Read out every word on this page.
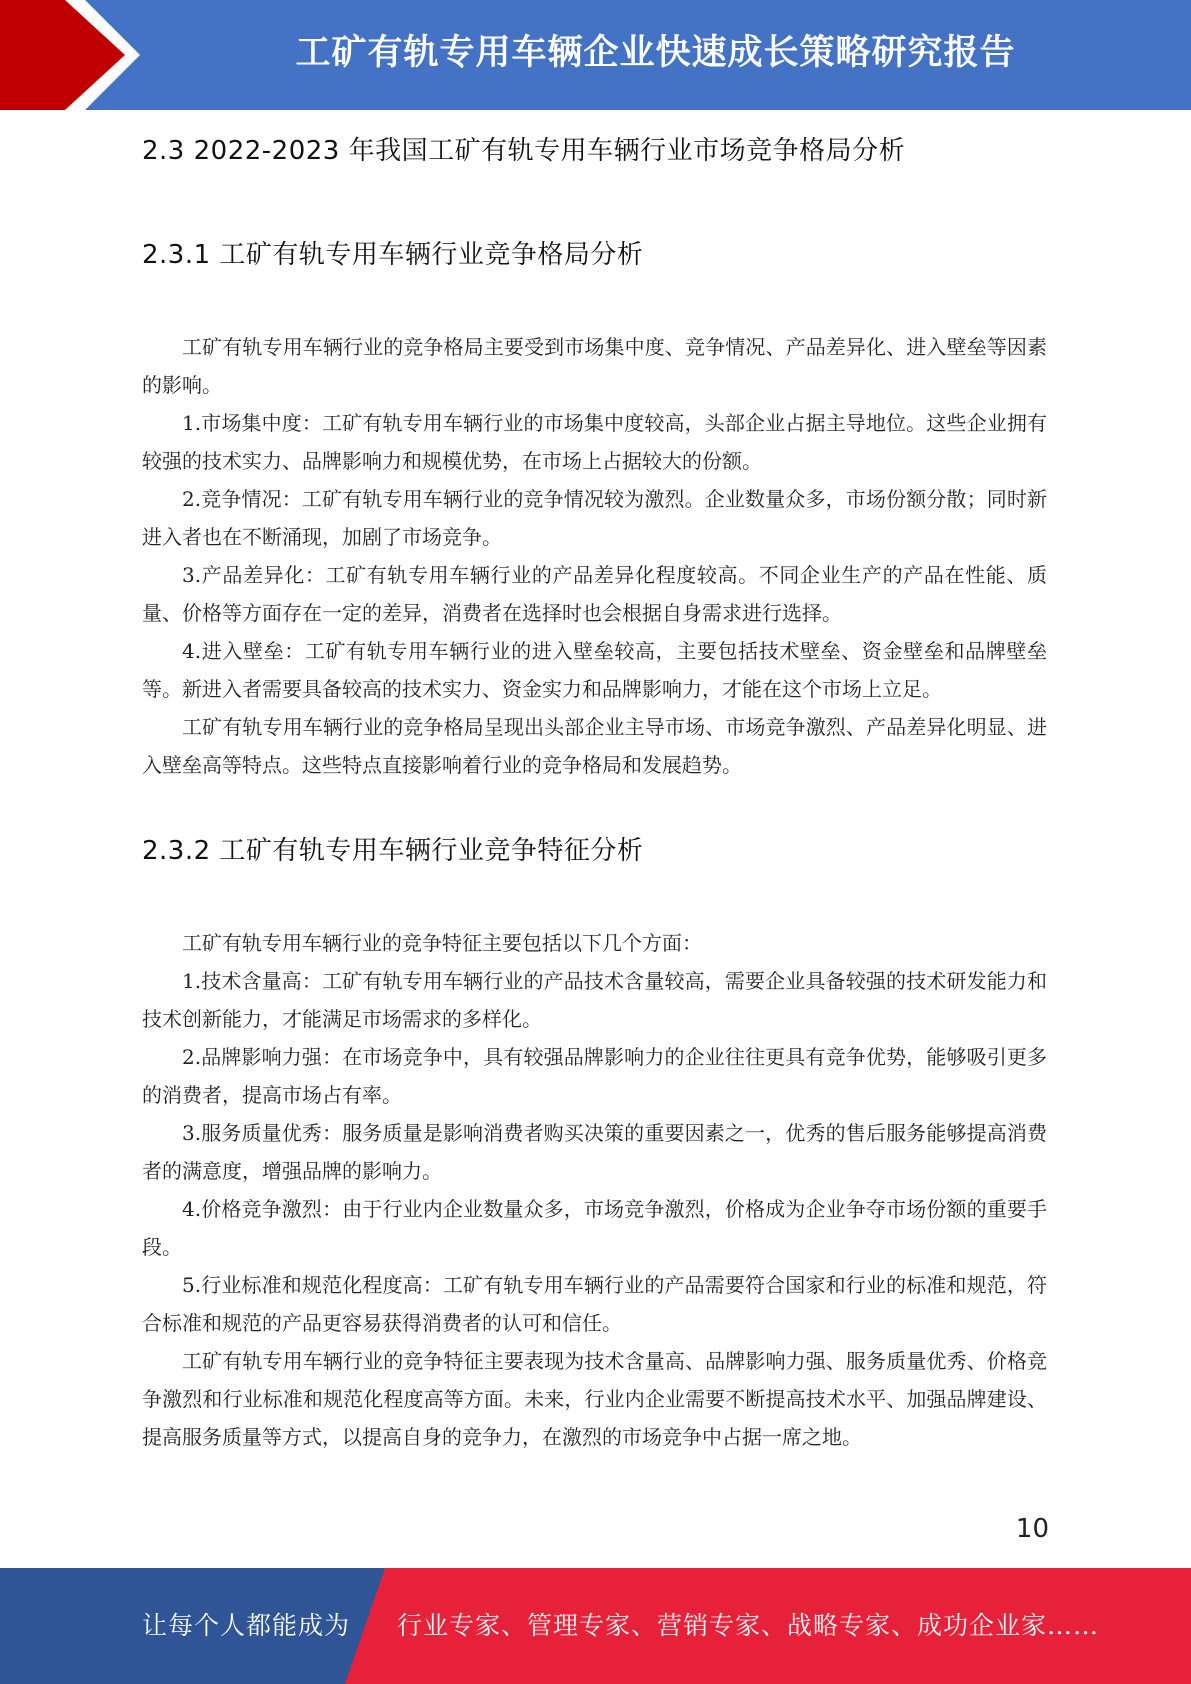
工矿有轨专用车辆企业快速成长策略研究报告
2.3 2022-2023 年我国工矿有轨专用车辆行业市场竞争格局分析
2.3.1 工矿有轨专用车辆行业竞争格局分析

工矿有轨专用车辆行业的竞争格局主要受到市场集中度、竞争情况、产品差异化、进入壁垒等因素的影响。

1.市场集中度：工矿有轨专用车辆行业的市场集中度较高，头部企业占据主导地位。这些企业拥有较强的技术实力、品牌影响力和规模优势，在市场上占据较大的份额。

2.竞争情况：工矿有轨专用车辆行业的竞争情况较为激烈。企业数量众多，市场份额分散；同时新进入者也在不断涌现，加剧了市场竞争。

3.产品差异化：工矿有轨专用车辆行业的产品差异化程度较高。不同企业生产的产品在性能、质量、价格等方面存在一定的差异，消费者在选择时也会根据自身需求进行选择。

4.进入壁垒：工矿有轨专用车辆行业的进入壁垒较高，主要包括技术壁垒、资金壁垒和品牌壁垒等。新进入者需要具备较高的技术实力、资金实力和品牌影响力，才能在这个市场上立足。

工矿有轨专用车辆行业的竞争格局呈现出头部企业主导市场、市场竞争激烈、产品差异化明显、进入壁垒高等特点。这些特点直接影响着行业的竞争格局和发展趋势。

2.3.2 工矿有轨专用车辆行业竞争特征分析

工矿有轨专用车辆行业的竞争特征主要包括以下几个方面：

1.技术含量高：工矿有轨专用车辆行业的产品技术含量较高，需要企业具备较强的技术研发能力和技术创新能力，才能满足市场需求的多样化。

2.品牌影响力强：在市场竞争中，具有较强品牌影响力的企业往往更具有竞争优势，能够吸引更多的消费者，提高市场占有率。

3.服务质量优秀：服务质量是影响消费者购买决策的重要因素之一，优秀的售后服务能够提高消费者的满意度，增强品牌的影响力。

4.价格竞争激烈：由于行业内企业数量众多，市场竞争激烈，价格成为企业争夺市场份额的重要手段。

5.行业标准和规范化程度高：工矿有轨专用车辆行业的产品需要符合国家和行业的标准和规范，符合标准和规范的产品更容易获得消费者的认可和信任。

工矿有轨专用车辆行业的竞争特征主要表现为技术含量高、品牌影响力强、服务质量优秀、价格竞争激烈和行业标准和规范化程度高等方面。未来，行业内企业需要不断提高技术水平、加强品牌建设、提高服务质量等方式，以提高自身的竞争力，在激烈的市场竞争中占据一席之地。

10
让每个人都能成为 行业专家、管理专家、营销专家、战略专家、成功企业家……
